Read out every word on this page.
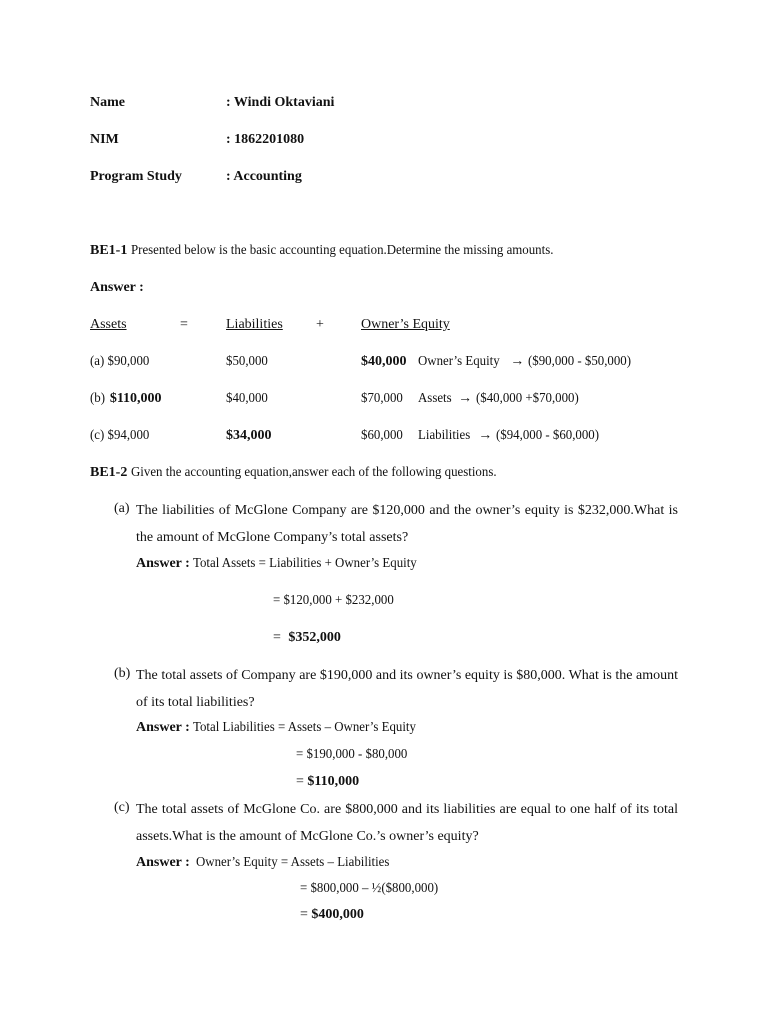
Name	: Windi Oktaviani
NIM	: 1862201080
Program Study	: Accounting
BE1-1 Presented below is the basic accounting equation.Determine the missing amounts.
Answer :
Assets	=	Liabilities +	Owner’s Equity
(a) $90,000	$50,000	$40,000 Owner’s Equity → ($90,000 - $50,000)
(b) $110,000	$40,000	$70,000 Assets → ($40,000 +$70,000)
(c) $94,000	$34,000	$60,000 Liabilities → ($94,000 - $60,000)
BE1-2 Given the accounting equation,answer each of the following questions.
(a) The liabilities of McGlone Company are $120,000 and the owner’s equity is $232,000.What is the amount of McGlone Company’s total assets?
Answer : Total Assets = Liabilities + Owner’s Equity
= $120,000 + $232,000
= $352,000
(b) The total assets of Company are $190,000 and its owner’s equity is $80,000. What is the amount of its total liabilities?
Answer : Total Liabilities = Assets – Owner’s Equity
= $190,000 - $80,000
= $110,000
(c) The total assets of McGlone Co. are $800,000 and its liabilities are equal to one half of its total assets.What is the amount of McGlone Co.’s owner’s equity?
Answer : Owner’s Equity = Assets – Liabilities
= $800,000 – ½($800,000)
= $400,000
